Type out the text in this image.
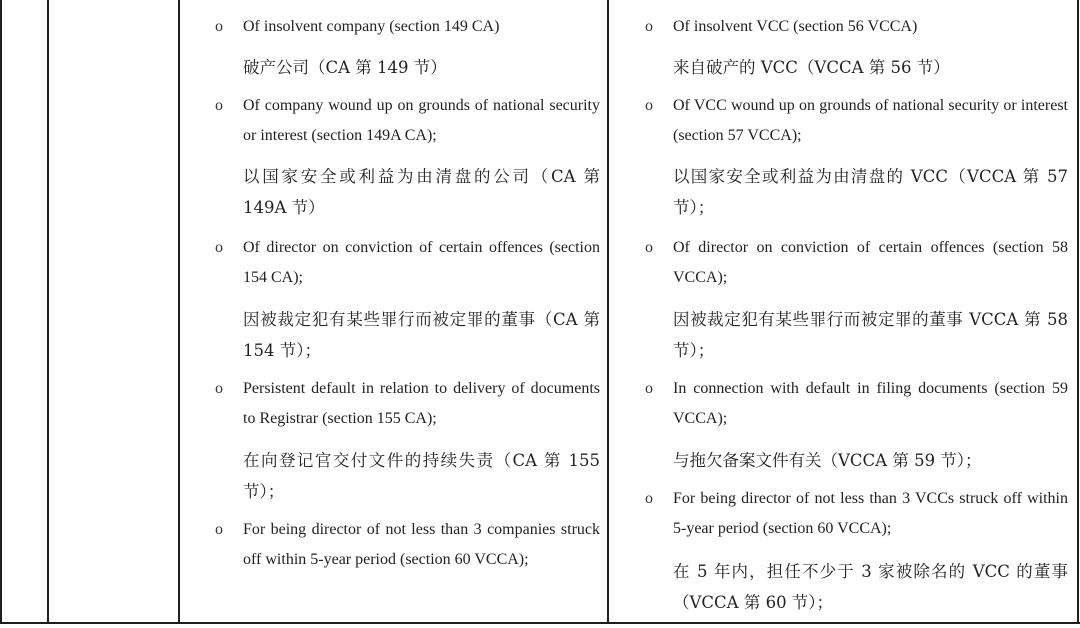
o Of insolvent company (section 149 CA)

破产公司（CA 第 149 节）

o Of company wound up on grounds of national security or interest (section 149A CA);

以国家安全或利益为由清盘的公司（CA 第 149A 节）

o Of director on conviction of certain offences (section 154 CA);

因被裁定犯有某些罪行而被定罪的董事（CA 第 154 节）；

o Persistent default in relation to delivery of documents to Registrar (section 155 CA);

在向登记官交付文件的持续失责（CA 第 155 节）；

o For being director of not less than 3 companies struck off within 5-year period (section 60 VCCA);

o Of insolvent VCC (section 56 VCCA)

来自破产的 VCC（VCCA 第 56 节）

o Of VCC wound up on grounds of national security or interest (section 57 VCCA);

以国家安全或利益为由清盘的 VCC（VCCA 第 57 节）；

o Of director on conviction of certain offences (section 58 VCCA);

因被裁定犯有某些罪行而被定罪的董事 VCCA 第 58 节）；

o In connection with default in filing documents (section 59 VCCA);

与拖欠备案文件有关（VCCA 第 59 节）；

o For being director of not less than 3 VCCs struck off within 5-year period (section 60 VCCA);

在 5 年内，担任不少于 3 家被除名的 VCC 的董事（VCCA 第 60 节）；
